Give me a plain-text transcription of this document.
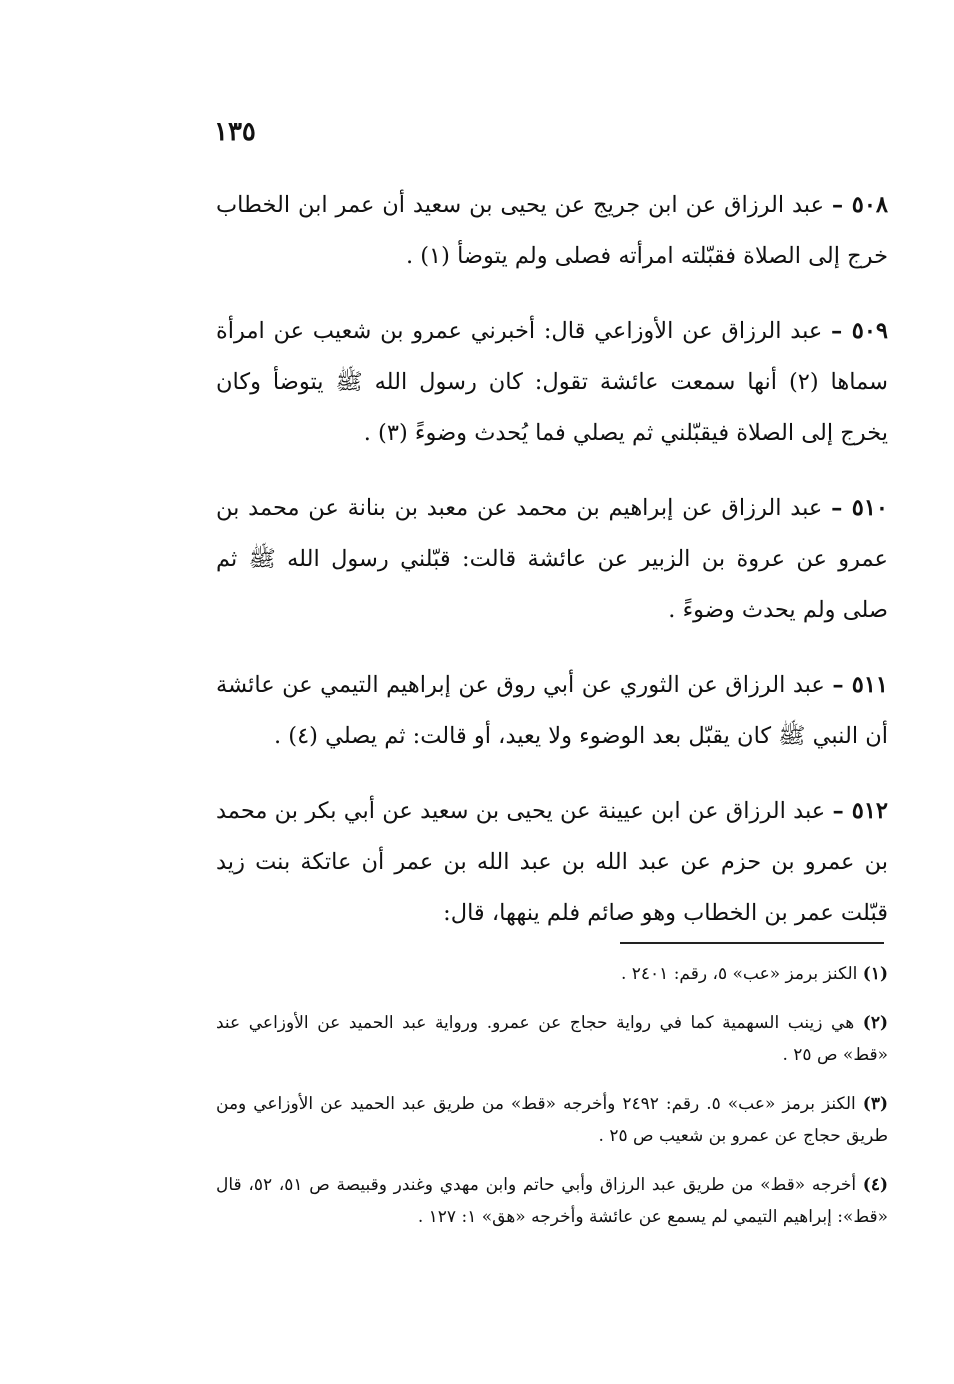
١٣٥

٥٠٨ – عبد الرزاق عن ابن جريج عن يحيى بن سعيد أن عمر ابن الخطاب خرج إلى الصلاة فقبّلته امرأته فصلى ولم يتوضأ (١) .

٥٠٩ – عبد الرزاق عن الأوزاعي قال: أخبرني عمرو بن شعيب عن امرأة سماها (٢) أنها سمعت عائشة تقول: كان رسول الله ﷺ يتوضأ وكان يخرج إلى الصلاة فيقبّلني ثم يصلي فما يُحدث وضوءً (٣) .

٥١٠ – عبد الرزاق عن إبراهيم بن محمد عن معبد بن بنانة عن محمد بن عمرو عن عروة بن الزبير عن عائشة قالت: قبّلني رسول الله ﷺ ثم صلى ولم يحدث وضوءً .

٥١١ – عبد الرزاق عن الثوري عن أبي روق عن إبراهيم التيمي عن عائشة أن النبي ﷺ كان يقبّل بعد الوضوء ولا يعيد، أو قالت: ثم يصلي (٤) .

٥١٢ – عبد الرزاق عن ابن عيينة عن يحيى بن سعيد عن أبي بكر بن محمد بن عمرو بن حزم عن عبد الله بن عبد الله بن عمر أن عاتكة بنت زيد قبّلت عمر بن الخطاب وهو صائم فلم ينهها، قال:

(١) الكنز برمز «عب» ٥، رقم: ٢٤٠١ .

(٢) هي زينب السهمية كما في رواية حجاج عن عمرو. ورواية عبد الحميد عن الأوزاعي عند «قط» ص ٢٥ .

(٣) الكنز برمز «عب» ٥. رقم: ٢٤٩٢ وأخرجه «قط» من طريق عبد الحميد عن الأوزاعي ومن طريق حجاج عن عمرو بن شعيب ص ٢٥ .

(٤) أخرجه «قط» من طريق عبد الرزاق وأبي حاتم وابن مهدي وغندر وقبيصة ص ٥١، ٥٢، قال «قط»: إبراهيم التيمي لم يسمع عن عائشة وأخرجه «هق» ١: ١٢٧ .
